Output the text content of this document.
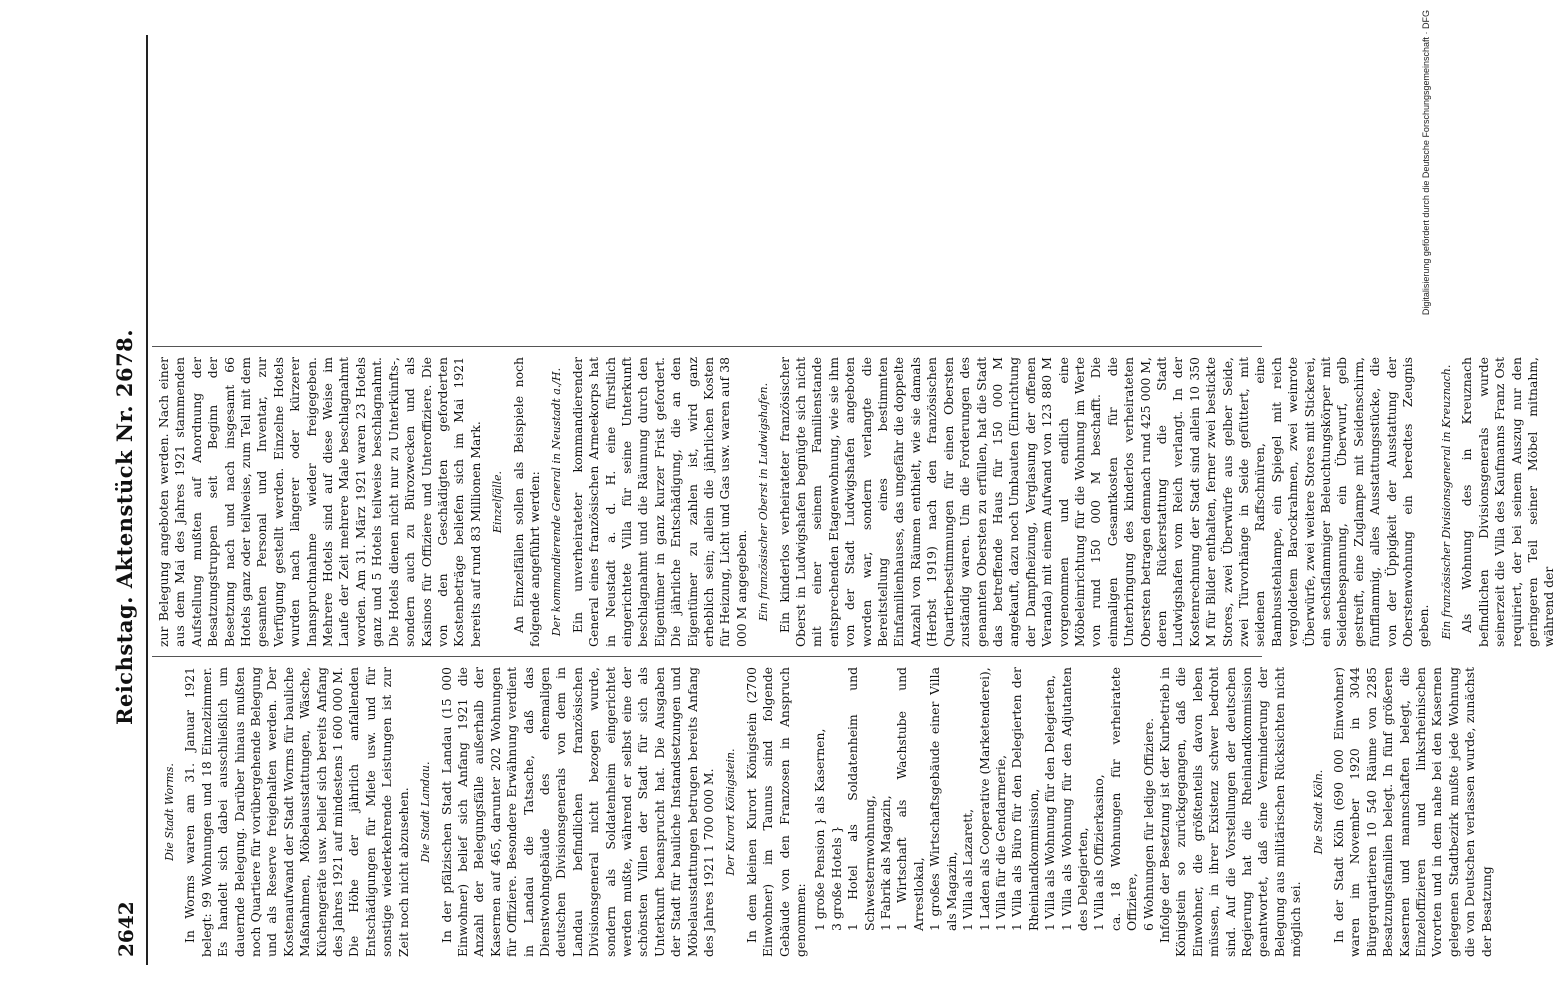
2642
Reichstag. Aktenstück Nr. 2678.

Die Stadt Worms. In Worms waren am 31. Januar 1921 belegt: 99 Wohnungen und 18 Einzelzimmer. Es handelt sich dabei ausschließlich um dauernde Belegung. Darüber hinaus mußten noch Quartiere für vorübergehende Belegung und als Reserve freigehalten werden. Der Kostenaufwand der Stadt Worms für bauliche Maßnahmen, Möbelausstattungen, Wäsche, Küchengeräte usw. belief sich bereits Anfang des Jahres 1921 auf mindestens 1 600 000 M. Die Höhe der jährlich anfallenden Entschädigungen für Miete usw. und für sonstige wiederkehrende Leistungen ist zur Zeit noch nicht abzusehen. Die Stadt Landau. In der pfälzischen Stadt Landau (15 000 Einwohner) belief sich Anfang 1921 die Anzahl der Belegungsfälle außerhalb der Kasernen auf 465, darunter 202 Wohnungen für Offiziere. Besondere Erwähnung verdient in Landau die Tatsache, daß das Dienstwohngebäude des ehemaligen deutschen Divisionsgenerals von dem in Landau befindlichen französischen Divisionsgeneral nicht bezogen wurde, sondern als Soldatenheim eingerichtet werden mußte, während er selbst eine der schönsten Villen der Stadt für sich als Unterkunft beansprucht hat. Die Ausgaben der Stadt für bauliche Instandsetzungen und Möbelausstattungen betrugen bereits Anfang des Jahres 1921 1 700 000 M. Der Kurort Königstein. In dem kleinen Kurort Königstein (2700 Einwohner) im Taunus sind folgende Gebäude von den Franzosen in Anspruch genommen: 1 große Pension } als Kasernen, 3 große Hotels } 1 Hotel als Soldatenheim und Schwesternwohnung, 1 Fabrik als Magazin, 1 Wirtschaft als Wachstube und Arrestlokal, 1 großes Wirtschaftsgebäude einer Villa als Magazin, 1 Villa als Lazarett, 1 Laden als Cooperative (Marketenderei), 1 Villa für die Gendarmerie, 1 Villa als Büro für den Delegierten der Rheinlandkommission, 1 Villa als Wohnung für den Delegierten, 1 Villa als Wohnung für den Adjutanten des Delegierten, 1 Villa als Offizierkasino, ca. 18 Wohnungen für verheiratete Offiziere, 6 Wohnungen für ledige Offiziere. Infolge der Besetzung ist der Kurbetrieb in Königstein so zurückgegangen, daß die Einwohner, die größtenteils davon leben müssen, in ihrer Existenz schwer bedroht sind. Auf die Vorstellungen der deutschen Regierung hat die Rheinlandkommission geantwortet, daß eine Verminderung der Belegung aus militärischen Rücksichten nicht möglich sei.

Die Stadt Köln. In der Stadt Köln (690 000 Einwohner) waren im November 1920 in 3044 Bürgerquartieren 10 540 Räume von 2285 Besatzungsfamilien belegt. In fünf größeren Kasernen und mannschaften belegt, die Einzeloffizieren und linksrheinischen Vororten und in dem nahe bei den Kasernen gelegenen Stadtbezirk mußte jede Wohnung die von Deutschen verlassen wurde, zunächst der Besatzung

zur Belegung angeboten werden. Nach einer aus dem Mai des Jahres 1921 stammenden Aufstellung mußten auf Anordnung der Besatzungstruppen seit Beginn der Besetzung nach und nach insgesamt 66 Hotels ganz oder teilweise, zum Teil mit dem gesamten Personal und Inventar, zur Verfügung gestellt werden. Einzelne Hotels wurden nach längerer oder kürzerer Inanspruchnahme wieder freigegeben. Mehrere Hotels sind auf diese Weise im Laufe der Zeit mehrere Male beschlagnahmt worden. Am 31. März 1921 waren 23 Hotels ganz und 5 Hotels teilweise beschlagnahmt. Die Hotels dienen nicht nur zu Unterkünfts-, sondern auch zu Bürozwecken und als Kasinos für Offiziere und Unteroffiziere. Die von den Geschädigten geforderten Kostenbeträge beliefen sich im Mai 1921 bereits auf rund 83 Millionen Mark. Einzelfälle. An Einzelfällen sollen als Beispiele noch folgende angeführt werden: Der kommandierende General in Neustadt a./H. Ein unverheirateter kommandierender General eines französischen Armeekorps hat in Neustadt a. d. H. eine fürstlich eingerichtete Villa für seine Unterkunft beschlagnahmt und die Räumung durch den Eigentümer in ganz kurzer Frist gefordert. Die jährliche Entschädigung, die an den Eigentümer zu zahlen ist, wird ganz erheblich sein; allein die jährlichen Kosten für Heizung, Licht und Gas usw. waren auf 38 000 M angegeben. Ein französischer Oberst in Ludwigshafen. Ein kinderlos verheirateter französischer Oberst in Ludwigshafen begnügte sich nicht mit einer seinem Familienstande entsprechenden Etagenwohnung, wie sie ihm von der Stadt Ludwigshafen angeboten worden war, sondern verlangte die Bereitstellung eines bestimmten Einfamilienhauses, das ungefähr die doppelte Anzahl von Räumen enthielt, wie sie damals (Herbst 1919) nach den französischen Quartierbestimmungen für einen Obersten zuständig waren. Um die Forderungen des genannten Obersten zu erfüllen, hat die Stadt das betreffende Haus für 150 000 M angekauft, dazu noch Umbauten (Einrichtung der Dampfheizung, Verglasung der offenen Veranda) mit einem Aufwand von 123 880 M vorgenommen und endlich eine Möbeleinrichtung für die Wohnung im Werte von rund 150 000 M beschafft. Die einmaligen Gesamtkosten für die Unterbringung des kinderlos verheirateten Obersten betragen demnach rund 425 000 M, deren Rückerstattung die Stadt Ludwigshafen vom Reich verlangt. In der Kostenrechnung der Stadt sind allein 10 350 M für Bilder enthalten, ferner zwei bestickte Stores, zwei Überwürfe aus gelber Seide, zwei Türvorhänge in Seide gefüttert, mit seidenen Raffschnüren, eine Bambusstehlampe, ein Spiegel mit reich vergoldetem Barockrahmen, zwei weinrote Überwürfe, zwei weitere Stores mit Stickerei, ein sechsflammiger Beleuchtungskörper mit Seidenbespannung, ein Überwurf, gelb gestreift, eine Zuglampe mit Seidenschirm, fünfflammig, alles Ausstattungsstücke, die von der Üppigkeit der Ausstattung der Oberstenwohnung ein beredtes Zeugnis geben. Ein französischer Divisionsgeneral in Kreuznach. Als Wohnung des in Kreuznach befindlichen Divisionsgenerals wurde seinerzeit die Villa des Kaufmanns Franz Ost requiriert, der bei seinem Auszug nur den geringeren Teil seiner Möbel mitnahm, während der

Digitalisierung gefördert durch die Deutsche Forschungsgemeinschaft · DFG
